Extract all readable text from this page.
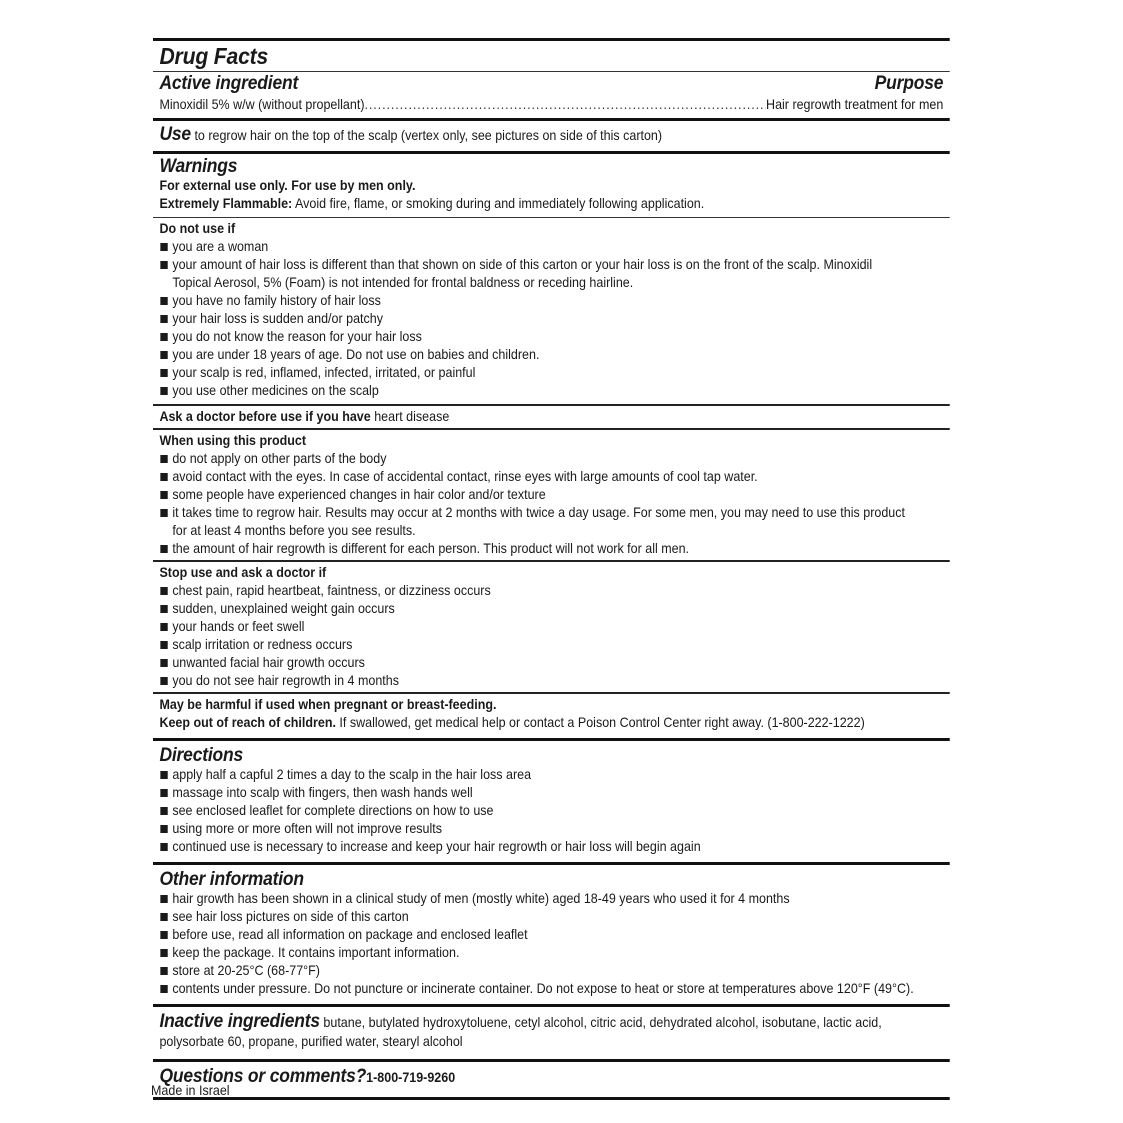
Drug Facts
Active ingredient	Purpose
Minoxidil 5% w/w (without propellant)
.....	Hair regrowth treatment for men
Use to regrow hair on the top of the scalp (vertex only, see pictures on side of this carton)
Warnings
For external use only. For use by men only.
Extremely Flammable: Avoid fire, flame, or smoking during and immediately following application.
Do not use if
you are a woman
your amount of hair loss is different than that shown on side of this carton or your hair loss is on the front of the scalp. Minoxidil
Topical Aerosol, 5% (Foam) is not intended for frontal baldness or receding hairline.
you have no family history of hair loss
your hair loss is sudden and/or patchy
you do not know the reason for your hair loss
you are under 18 years of age. Do not use on babies and children.
your scalp is red, inflamed, infected, irritated, or painful
you use other medicines on the scalp
Ask a doctor before use if you have heart disease
When using this product
do not apply on other parts of the body
avoid contact with the eyes. In case of accidental contact, rinse eyes with large amounts of cool tap water.
some people have experienced changes in hair color and/or texture
it takes time to regrow hair. Results may occur at 2 months with twice a day usage. For some men, you may need to use this product
for at least 4 months before you see results.
the amount of hair regrowth is different for each person. This product will not work for all men.
Stop use and ask a doctor if
chest pain, rapid heartbeat, faintness, or dizziness occurs
sudden, unexplained weight gain occurs
your hands or feet swell
scalp irritation or redness occurs
unwanted facial hair growth occurs
you do not see hair regrowth in 4 months
May be harmful if used when pregnant or breast-feeding.
Keep out of reach of children. If swallowed, get medical help or contact a Poison Control Center right away. (1-800-222-1222)
Directions
apply half a capful 2 times a day to the scalp in the hair loss area
massage into scalp with fingers, then wash hands well
see enclosed leaflet for complete directions on how to use
using more or more often will not improve results
continued use is necessary to increase and keep your hair regrowth or hair loss will begin again
Other information
hair growth has been shown in a clinical study of men (mostly white) aged 18-49 years who used it for 4 months
see hair loss pictures on side of this carton
before use, read all information on package and enclosed leaflet
keep the package. It contains important information.
store at 20-25°C (68-77°F)
contents under pressure. Do not puncture or incinerate container. Do not expose to heat or store at temperatures above 120°F (49°C).
Inactive ingredients butane, butylated hydroxytoluene, cetyl alcohol, citric acid, dehydrated alcohol, isobutane, lactic acid,
polysorbate 60, propane, purified water, stearyl alcohol
Questions or comments?1-800-719-9260
Made in Israel
